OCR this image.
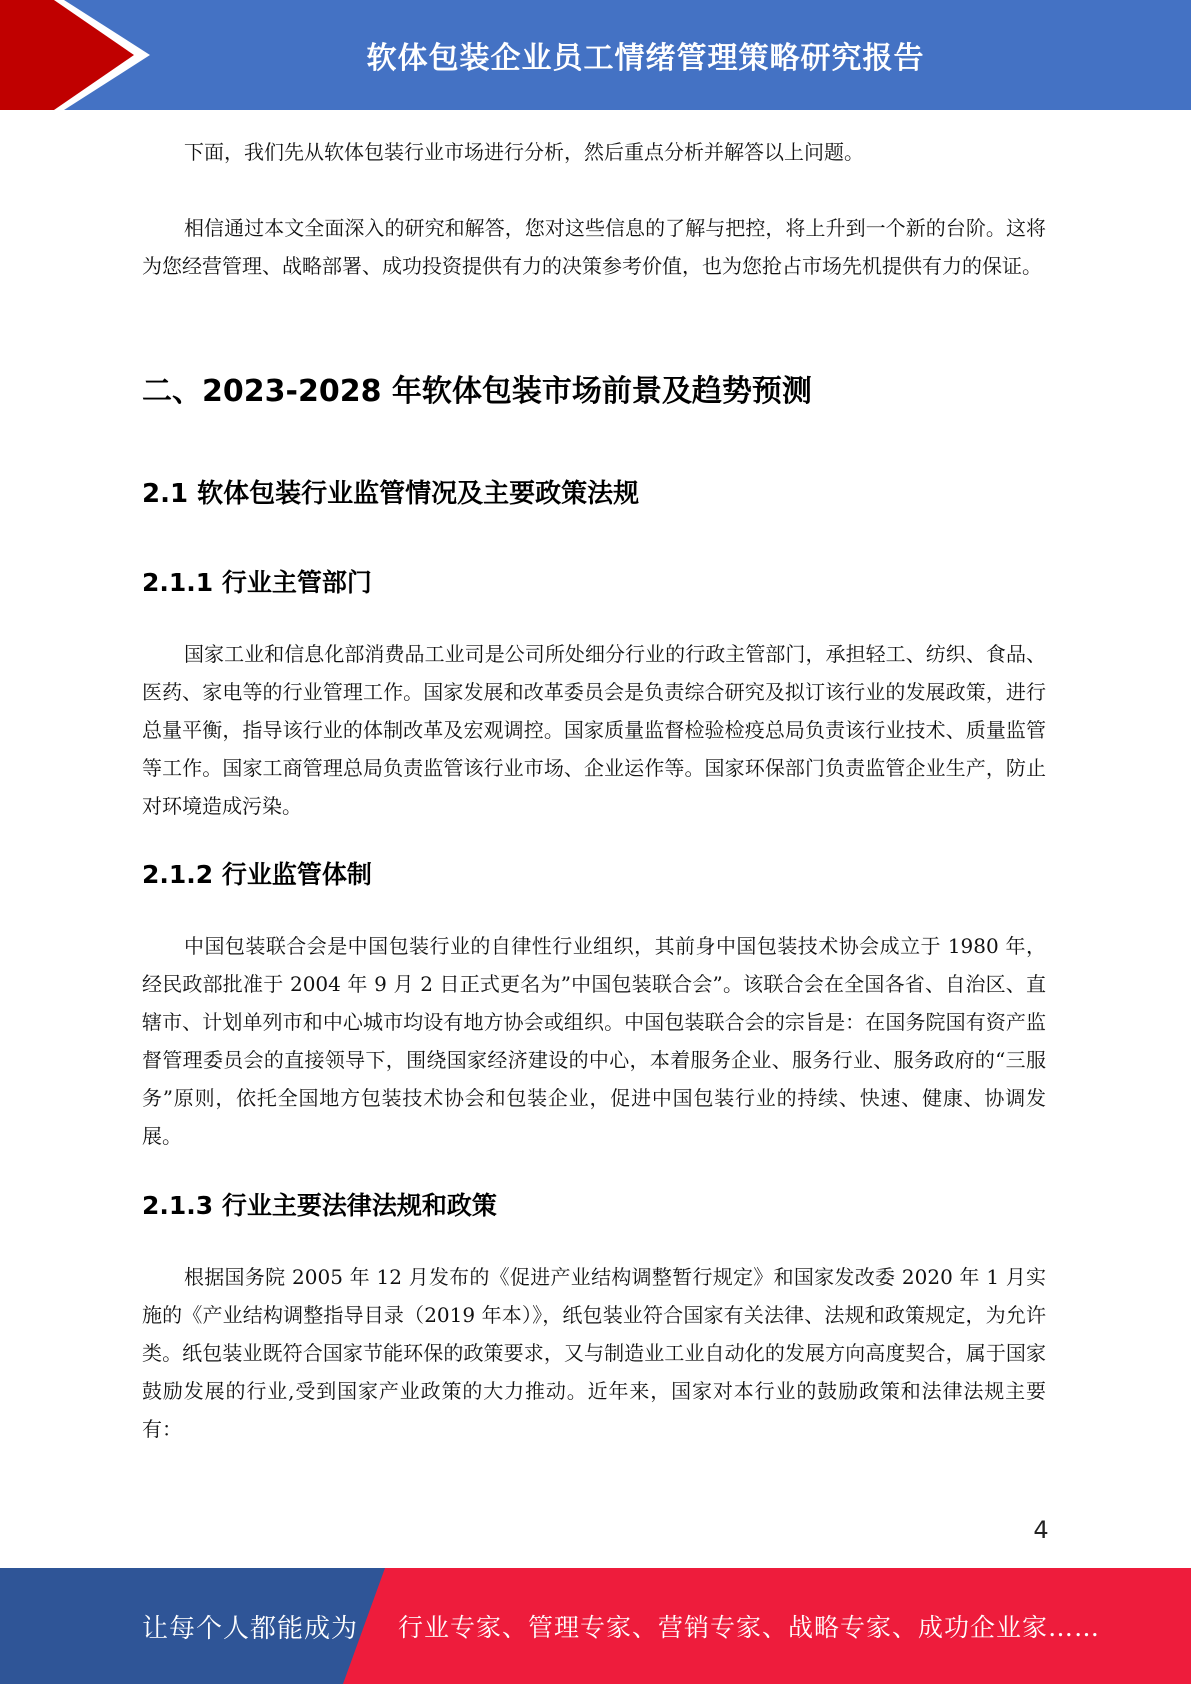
软体包装企业员工情绪管理策略研究报告

下面，我们先从软体包装行业市场进行分析，然后重点分析并解答以上问题。

相信通过本文全面深入的研究和解答，您对这些信息的了解与把控，将上升到一个新的台阶。这将为您经营管理、战略部署、成功投资提供有力的决策参考价值，也为您抢占市场先机提供有力的保证。

二、2023-2028 年软体包装市场前景及趋势预测
2.1 软体包装行业监管情况及主要政策法规
2.1.1 行业主管部门

国家工业和信息化部消费品工业司是公司所处细分行业的行政主管部门，承担轻工、纺织、食品、医药、家电等的行业管理工作。国家发展和改革委员会是负责综合研究及拟订该行业的发展政策，进行总量平衡，指导该行业的体制改革及宏观调控。国家质量监督检验检疫总局负责该行业技术、质量监管等工作。国家工商管理总局负责监管该行业市场、企业运作等。国家环保部门负责监管企业生产，防止对环境造成污染。

2.1.2 行业监管体制

中国包装联合会是中国包装行业的自律性行业组织，其前身中国包装技术协会成立于 1980 年，经民政部批准于 2004 年 9 月 2 日正式更名为”中国包装联合会”。该联合会在全国各省、自治区、直辖市、计划单列市和中心城市均设有地方协会或组织。中国包装联合会的宗旨是：在国务院国有资产监督管理委员会的直接领导下，围绕国家经济建设的中心，本着服务企业、服务行业、服务政府的“三服务”原则，依托全国地方包装技术协会和包装企业，促进中国包装行业的持续、快速、健康、协调发展。

2.1.3 行业主要法律法规和政策

根据国务院 2005 年 12 月发布的《促进产业结构调整暂行规定》和国家发改委 2020 年 1 月实施的《产业结构调整指导目录（2019 年本）》，纸包装业符合国家有关法律、法规和政策规定，为允许类。纸包装业既符合国家节能环保的政策要求，又与制造业工业自动化的发展方向高度契合，属于国家鼓励发展的行业,受到国家产业政策的大力推动。近年来，国家对本行业的鼓励政策和法律法规主要有：

4
让每个人都能成为 行业专家、管理专家、营销专家、战略专家、成功企业家……
